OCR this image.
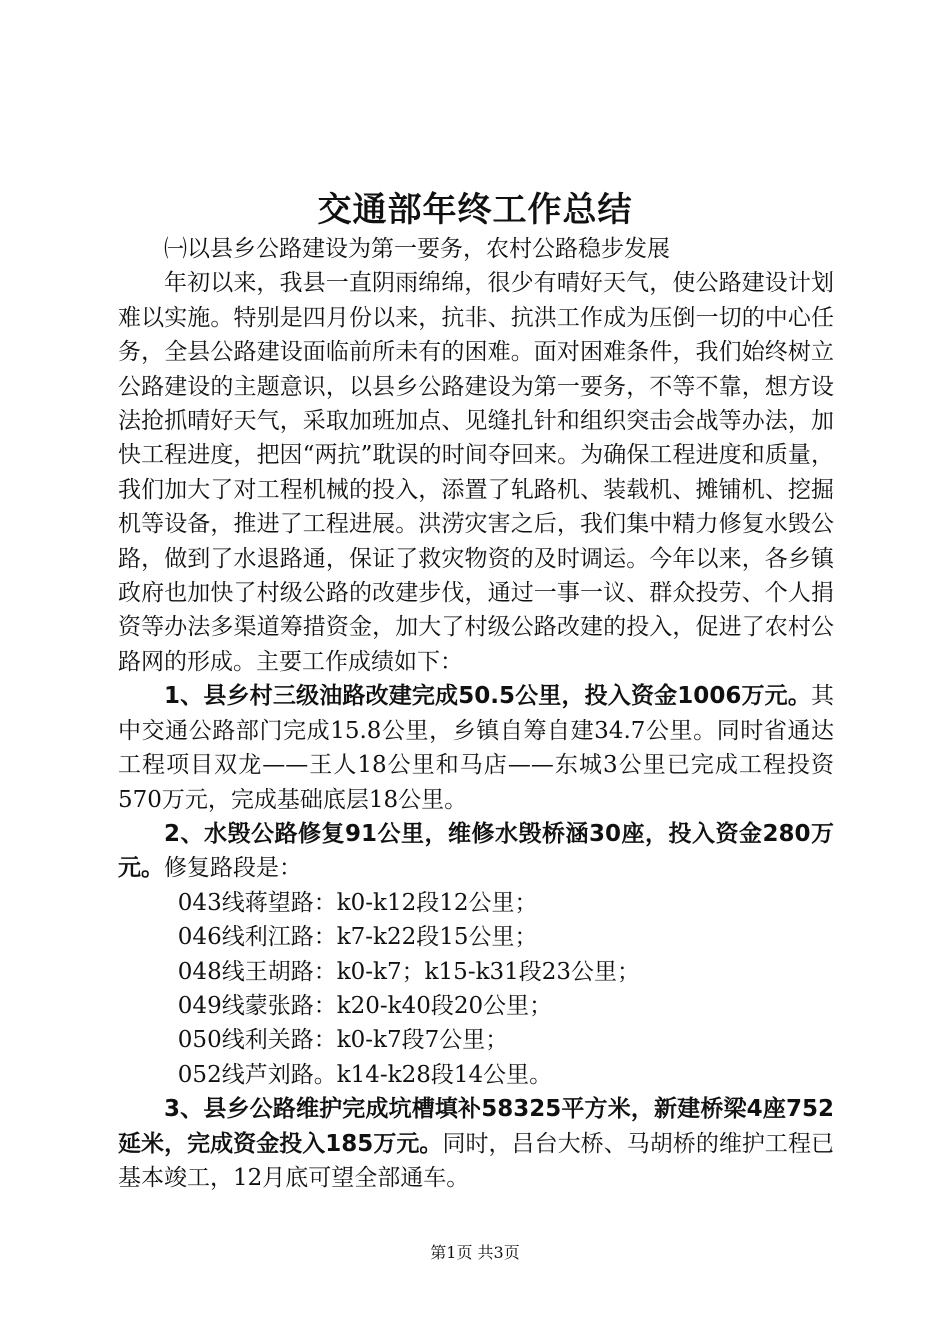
交通部年终工作总结

㈠以县乡公路建设为第一要务，农村公路稳步发展

年初以来，我县一直阴雨绵绵，很少有晴好天气，使公路建设计划难以实施。特别是四月份以来，抗非、抗洪工作成为压倒一切的中心任务，全县公路建设面临前所未有的困难。面对困难条件，我们始终树立公路建设的主题意识，以县乡公路建设为第一要务，不等不靠，想方设法抢抓晴好天气，采取加班加点、见缝扎针和组织突击会战等办法，加快工程进度，把因“两抗”耽误的时间夺回来。为确保工程进度和质量，我们加大了对工程机械的投入，添置了轧路机、装载机、摊铺机、挖掘机等设备，推进了工程进展。洪涝灾害之后，我们集中精力修复水毁公路，做到了水退路通，保证了救灾物资的及时调运。今年以来，各乡镇政府也加快了村级公路的改建步伐，通过一事一议、群众投劳、个人捐资等办法多渠道筹措资金，加大了村级公路改建的投入，促进了农村公路网的形成。主要工作成绩如下：

1、县乡村三级油路改建完成50.5公里，投入资金1006万元。其中交通公路部门完成15.8公里，乡镇自筹自建34.7公里。同时省通达工程项目双龙——王人18公里和马店——东城3公里已完成工程投资570万元，完成基础底层18公里。

2、水毁公路修复91公里，维修水毁桥涵30座，投入资金280万元。修复路段是：

043线蒋望路：k0-k12段12公里；

046线利江路：k7-k22段15公里；

048线王胡路：k0-k7；k15-k31段23公里；

049线蒙张路：k20-k40段20公里；

050线利关路：k0-k7段7公里；

052线芦刘路。k14-k28段14公里。

3、县乡公路维护完成坑槽填补58325平方米，新建桥梁4座752延米，完成资金投入185万元。同时，吕台大桥、马胡桥的维护工程已基本竣工，12月底可望全部通车。

第1页 共3页
